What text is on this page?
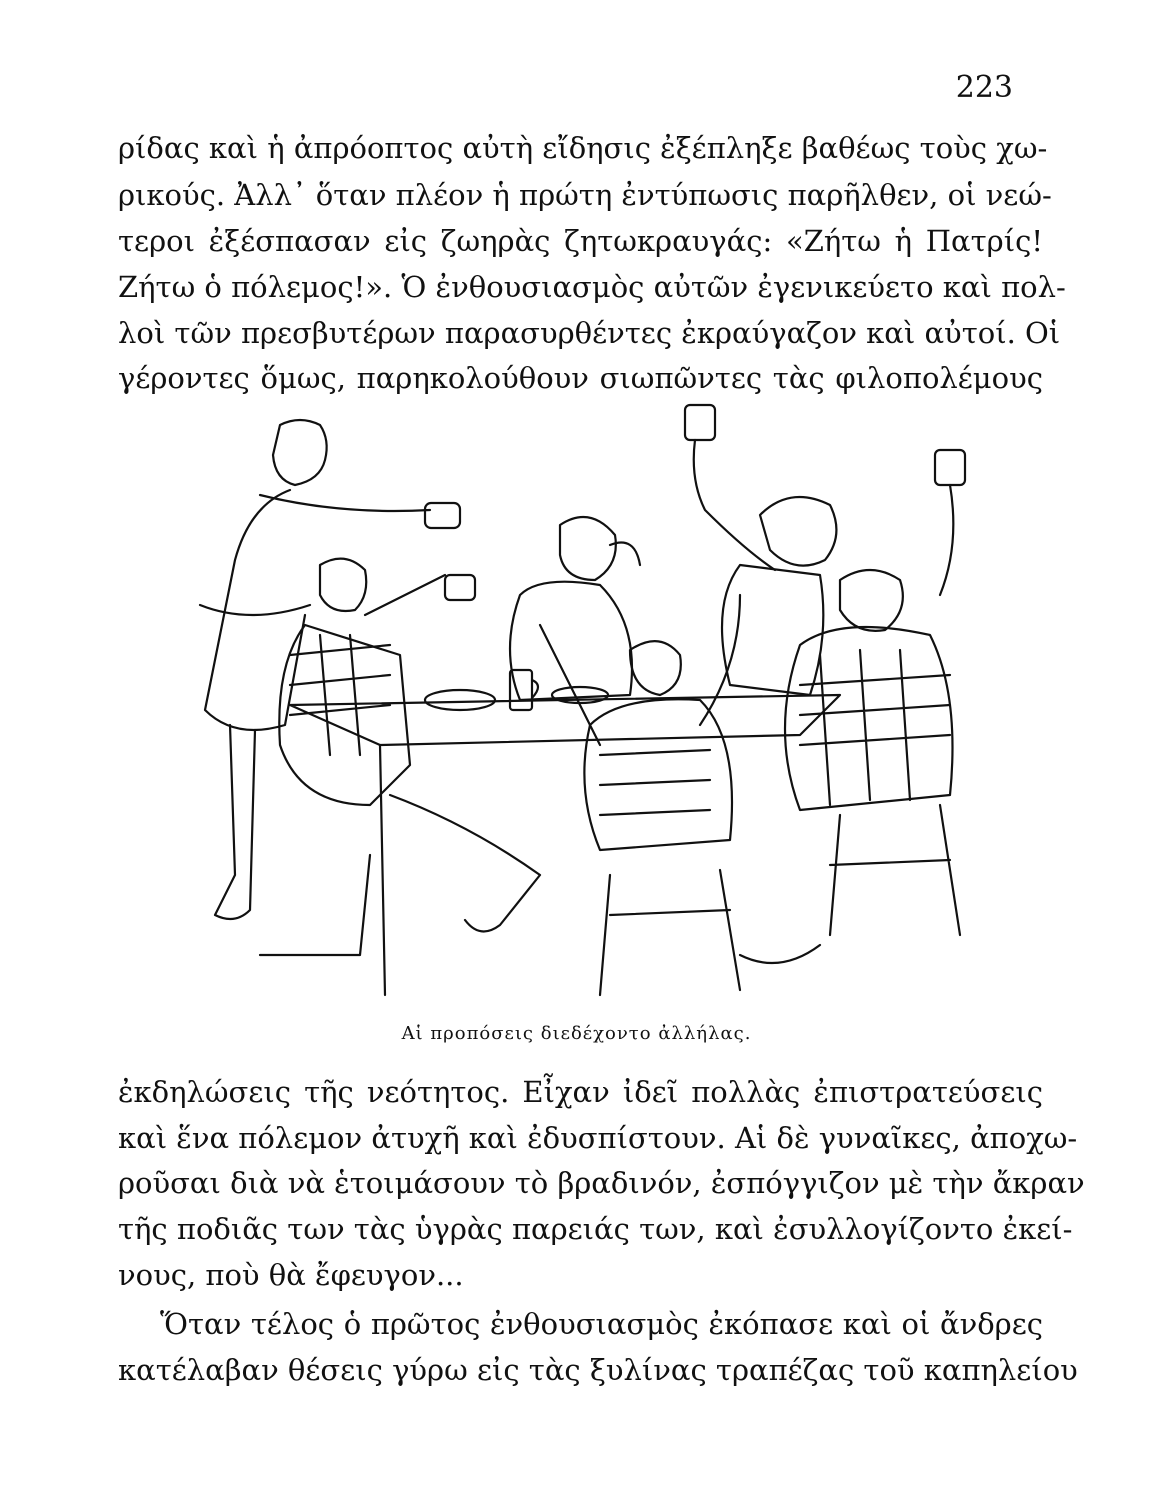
223
ρίδας καὶ ἡ ἀπρόοπτος αὐτὴ εἴδησις ἐξέπληξε βαθέως τοὺς χω-
ρικούς. Ἀλλ᾽ ὅταν πλέον ἡ πρώτη ἐντύπωσις παρῆλθεν, οἱ νεώ-
τεροι ἐξέσπασαν εἰς ζωηρὰς ζητωκραυγάς: «Ζήτω ἡ Πατρίς!
Ζήτω ὁ πόλεμος!». Ὁ ἐνθουσιασμὸς αὐτῶν ἐγενικεύετο καὶ πολ-
λοὶ τῶν πρεσβυτέρων παρασυρθέντες ἐκραύγαζον καὶ αὐτοί. Οἱ
γέροντες ὅμως, παρηκολούθουν σιωπῶντες τὰς φιλοπολέμους
Αἱ προπόσεις διεδέχοντο ἀλλήλας.
ἐκδηλώσεις τῆς νεότητος. Εἶχαν ἰδεῖ πολλὰς ἐπιστρατεύσεις
καὶ ἕνα πόλεμον ἀτυχῆ καὶ ἐδυσπίστουν. Αἱ δὲ γυναῖκες, ἀποχω-
ροῦσαι διὰ νὰ ἑτοιμάσουν τὸ βραδινόν, ἐσπόγγιζον μὲ τὴν ἄκραν
τῆς ποδιᾶς των τὰς ὑγρὰς παρειάς των, καὶ ἐσυλλογίζοντο ἐκεί-
νους, ποὺ θὰ ἔφευγον...
Ὅταν τέλος ὁ πρῶτος ἐνθουσιασμὸς ἐκόπασε καὶ οἱ ἄνδρες
κατέλαβαν θέσεις γύρω εἰς τὰς ξυλίνας τραπέζας τοῦ καπηλείου
